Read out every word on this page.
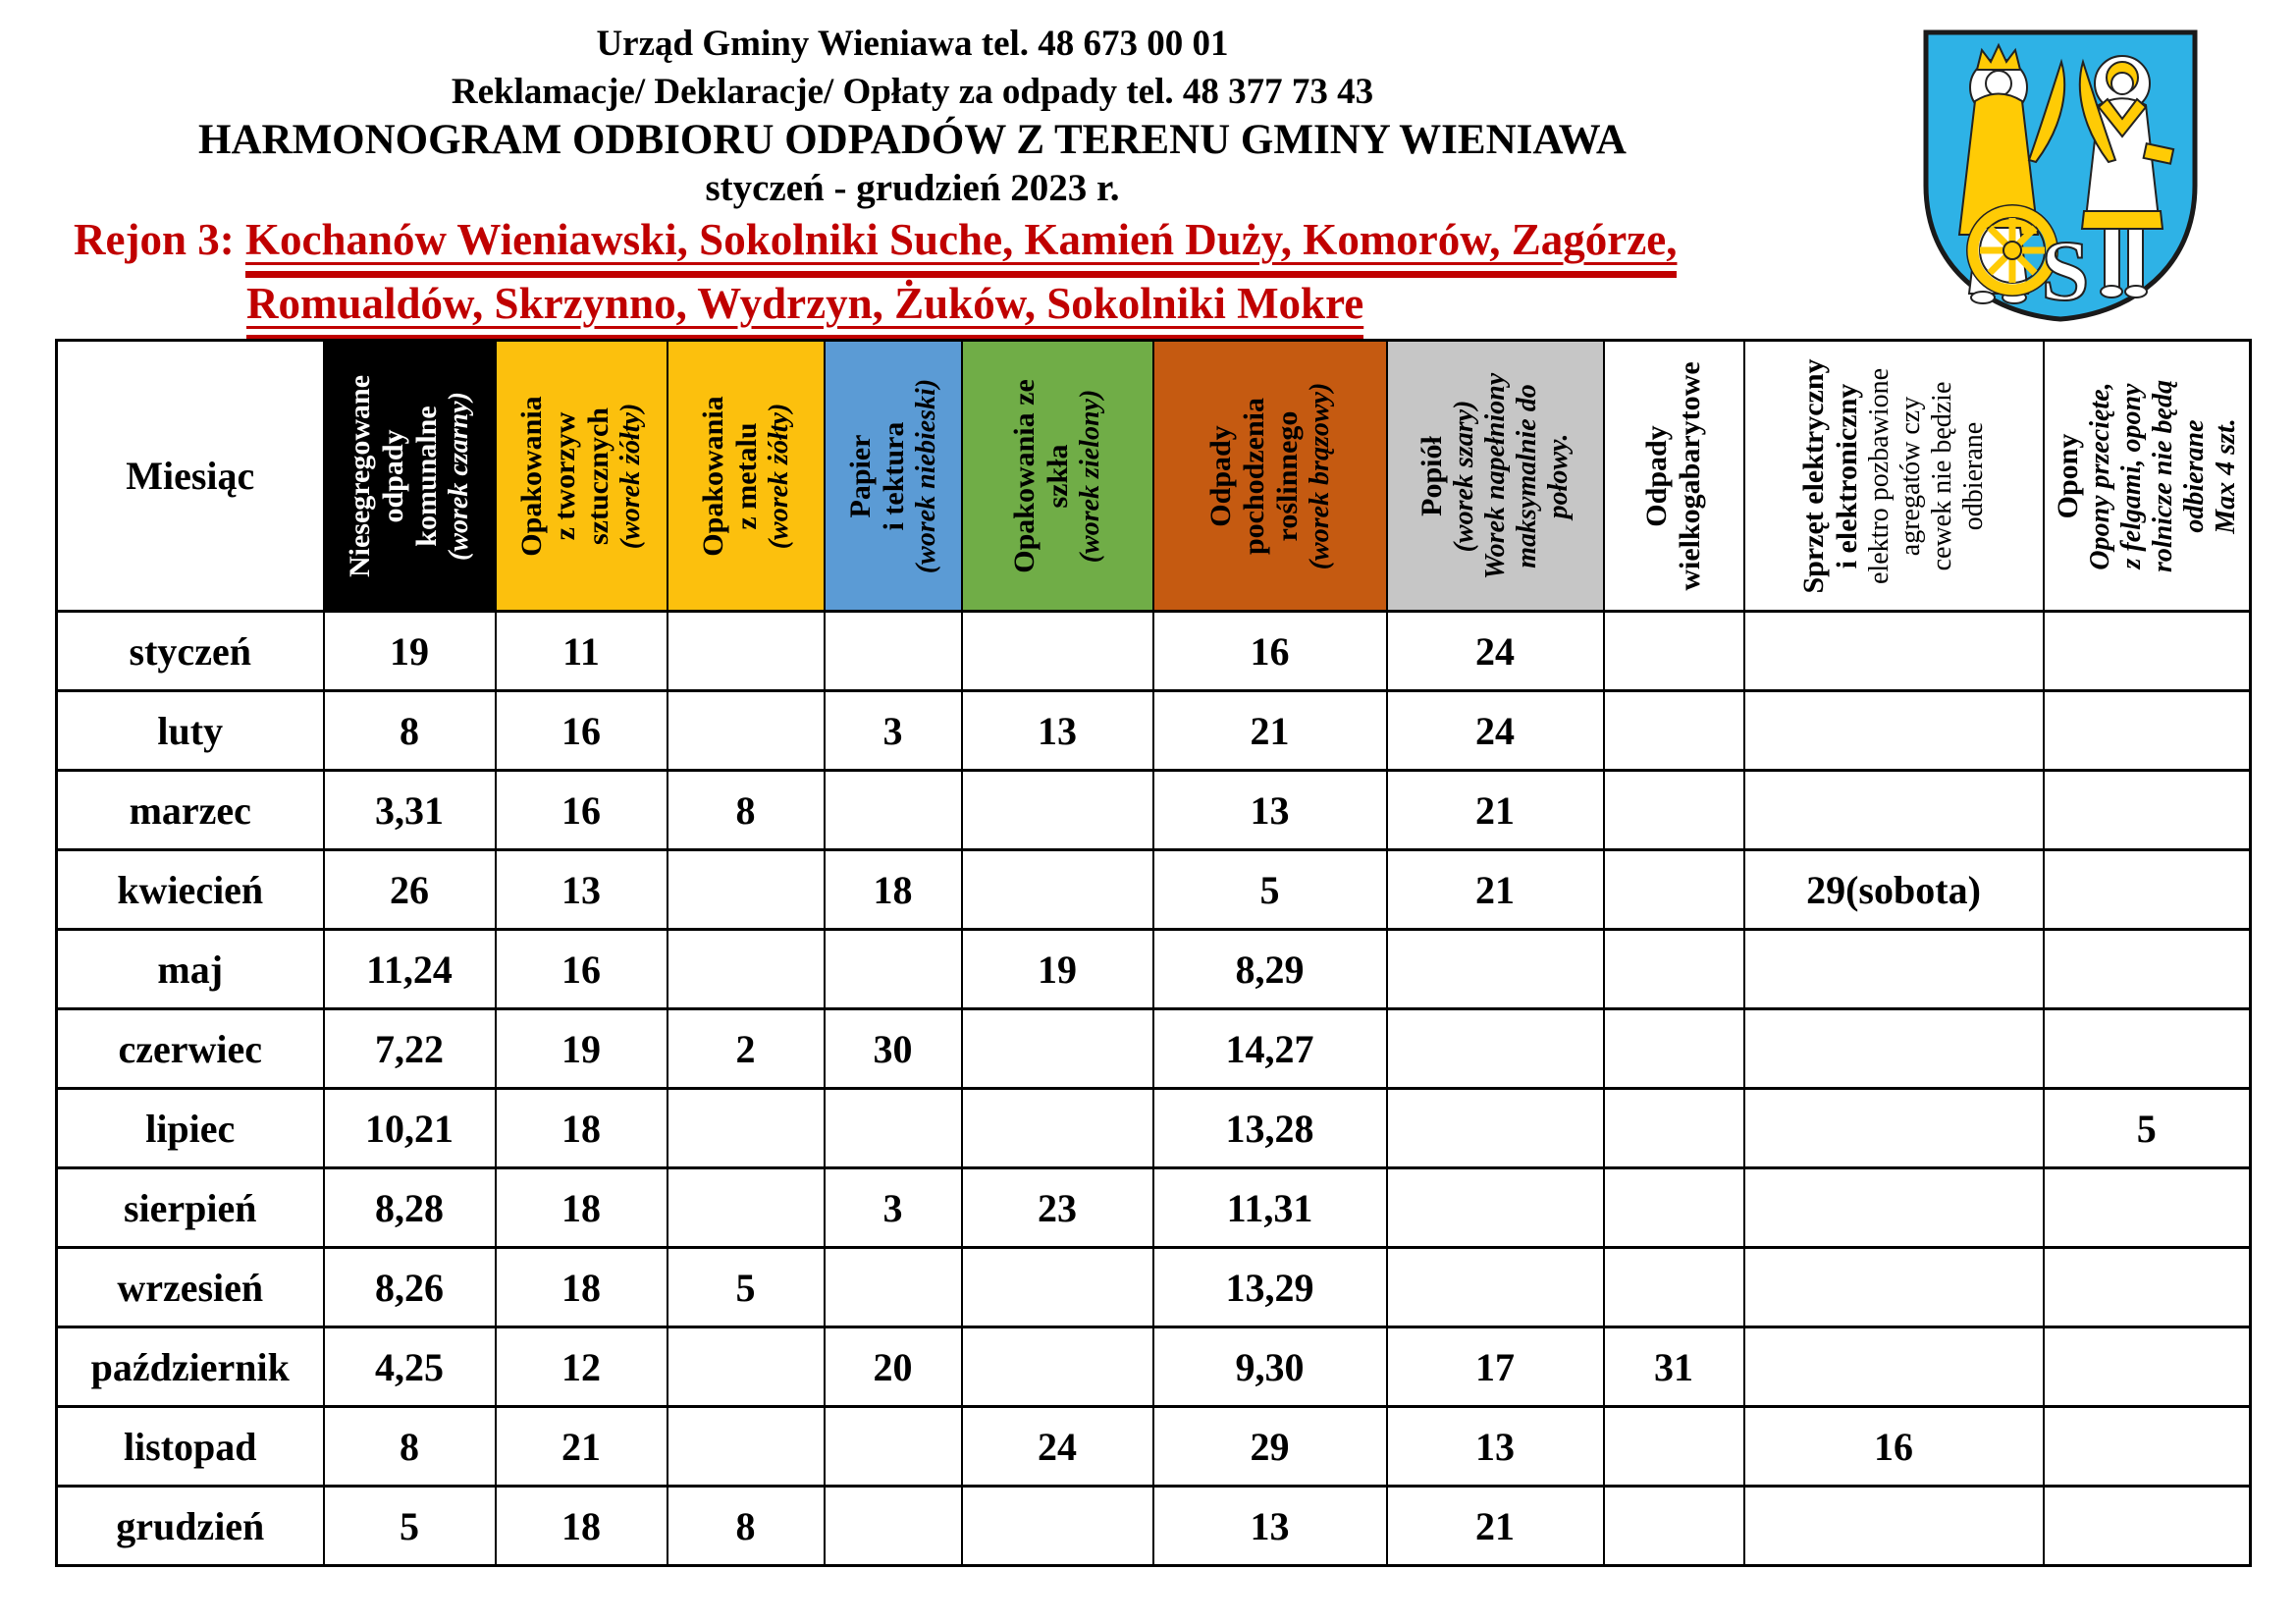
Urząd Gminy Wieniawa tel. 48 673 00 01
Reklamacje/ Deklaracje/ Opłaty za odpady tel. 48 377 73 43
HARMONOGRAM ODBIORU ODPADÓW Z TERENU GMINY WIENIAWA
styczeń - grudzień 2023 r.
Rejon 3: Kochanów Wieniawski, Sokolniki Suche, Kamień Duży, Komorów, Zagórze,
Romualdów, Skrzynno, Wydrzyn, Żuków, Sokolniki Mokre	S
Miesiąc	Niesegregowane odpady komunalne (worek czarny)	Opakowania z tworzyw sztucznych (worek żółty)	Opakowania z metalu (worek żółty)	Papier i tektura (worek niebieski)	Opakowania ze szkła (worek zielony)	Odpady pochodzenia roślinnego (worek brązowy)	Popiół (worek szary) Worek napełniony maksymalnie do połowy.	Odpady wielkogabarytowe	Sprzęt elektryczny i elektroniczny elektro pozbawione agregatów czy cewek nie będzie odbierane	Opony Opony przecięte, z felgami, opony rolnicze nie będą odbierane Max 4 szt.

styczeń	19	11				16	24			
luty	8	16		3	13	21	24			
marzec	3,31	16	8			13	21			
kwiecień	26	13		18		5	21		29(sobota)	
maj	11,24	16			19	8,29				
czerwiec	7,22	19	2	30		14,27				
lipiec	10,21	18				13,28				5
sierpień	8,28	18		3	23	11,31				
wrzesień	8,26	18	5			13,29				
październik	4,25	12		20		9,30	17	31		
listopad	8	21			24	29	13		16	
grudzień	5	18	8			13	21			
